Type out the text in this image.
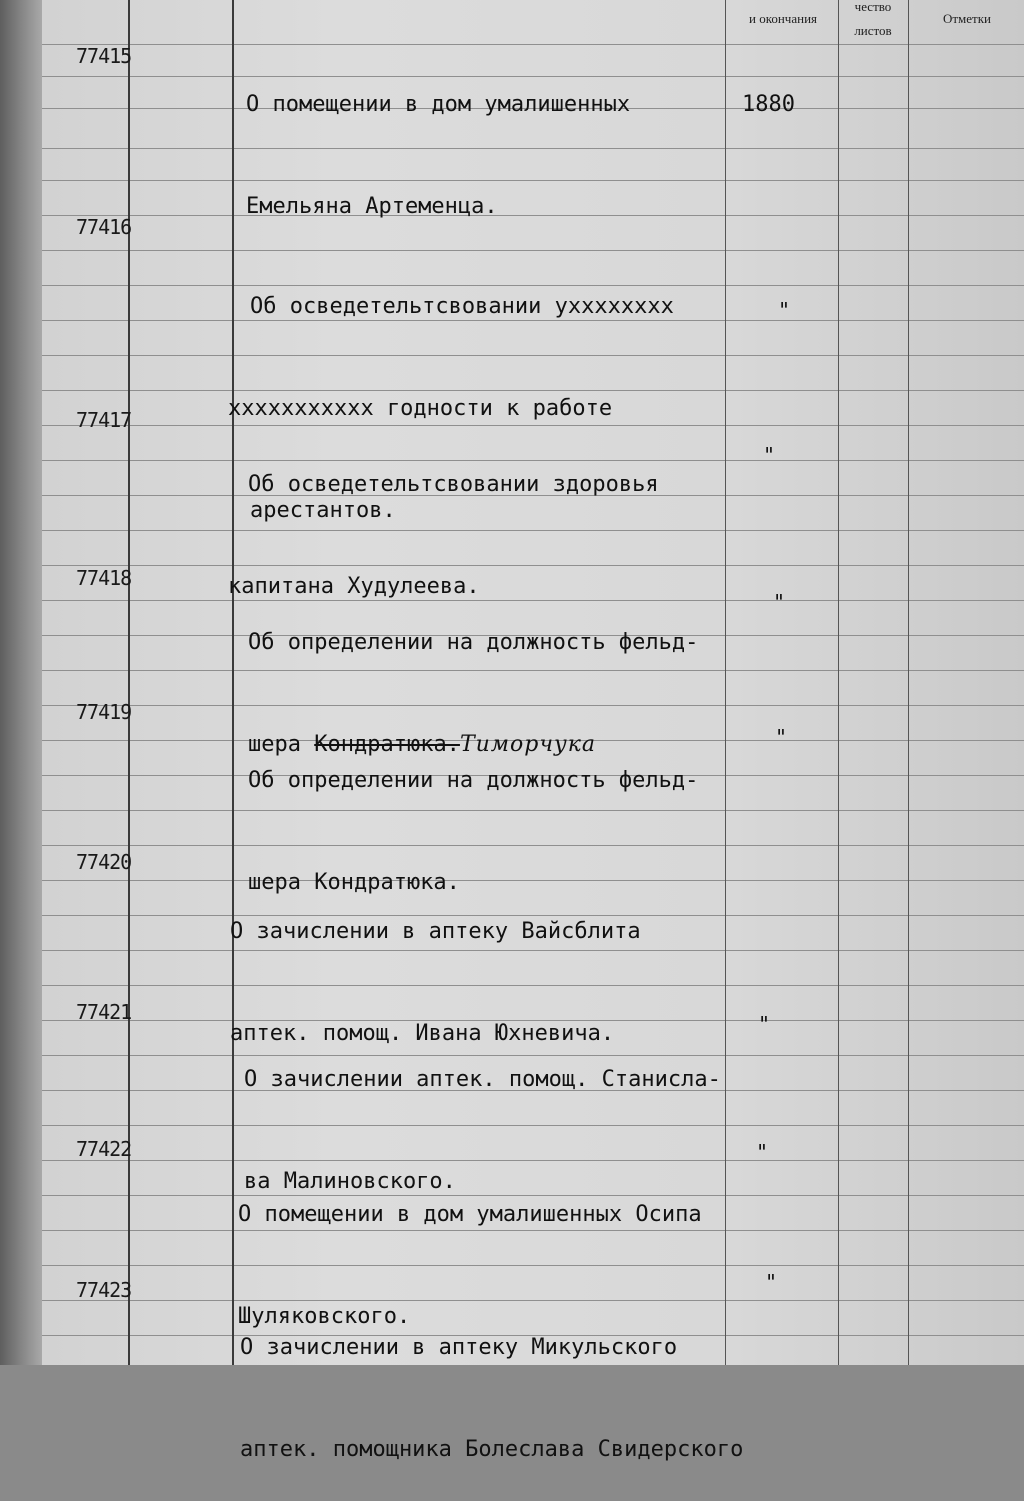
и окончания
чество
листов
Отметки
77415

О помещении в дом умалишенных

Емельяна Артеменца.

1880
77416

Об осведетельтсвовании ухххххххх

ххххххххххх годности к работе

арестантов.

"
77417

Об осведетельтсвовании здоровья

капитана Худулеева.

"
77418

Об определении на должность фельд-

шера Кондратюка.Тиморчука

"
77419

Об определении на должность фельд-

шера Кондратюка.

"
77420

О зачислении в аптеку Вайсблита

аптек. помощ. Ивана Юхневича.

77421

О зачислении аптек. помощ. Станисла-

ва Малиновского.

"
77422

О помещении в дом умалишенных Осипа

Шулякoвского.

"
77423

О зачислении в аптеку Микульского

аптек. помощника Болеслава Свидерского

"
